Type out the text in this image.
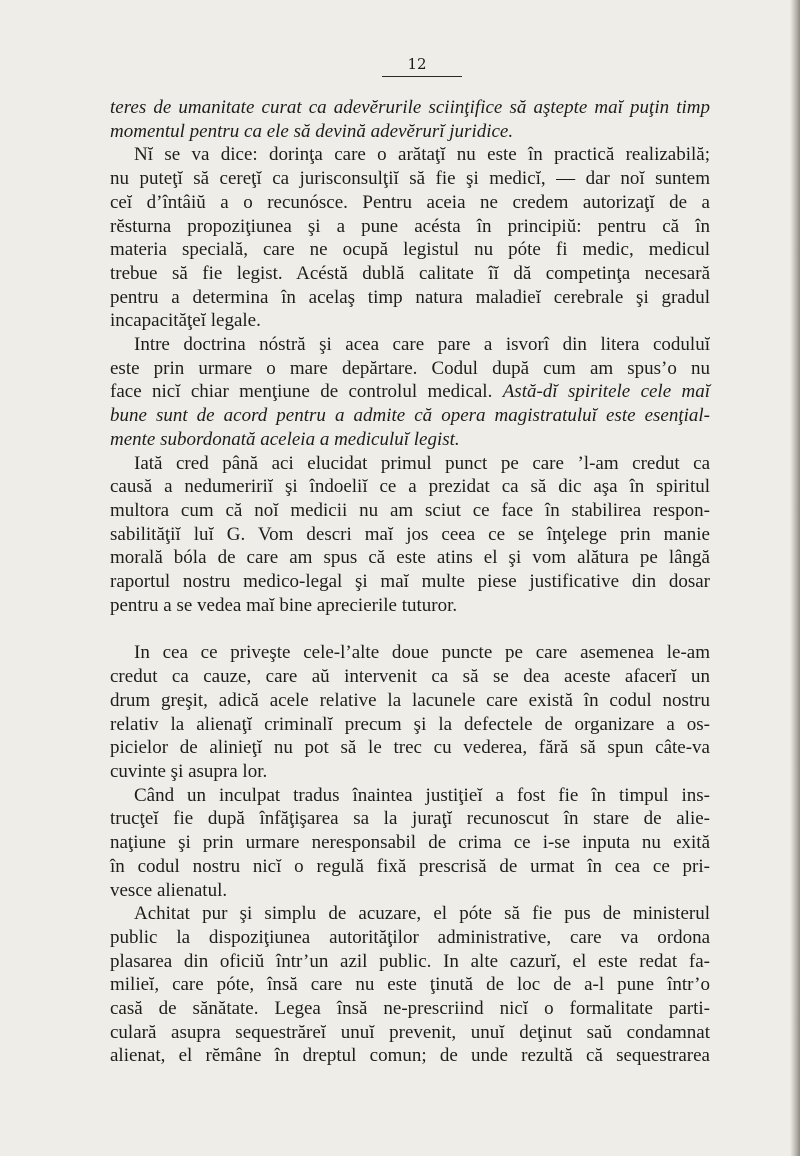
12
teres de umanitate curat ca adevĕrurile sciinţifice să aştepte maĭ puţin timp
momentul pentru ca ele să devină adevĕrurĭ juridice.
Nĭ se va dice: dorinţa care o arătaţĭ nu este în practică realizabilă;
nu puteţĭ să cereţĭ ca jurisconsulţiĭ să fie şi medicĭ, — dar noĭ suntem
ceĭ d’întâiŭ a o recunósce. Pentru aceia ne credem autorizaţĭ de a
rĕsturna propoziţiunea şi a pune acésta în principiŭ: pentru că în
materia specială, care ne ocupă legistul nu póte fi medic, medicul
trebue să fie legist. Acéstă dublă calitate îĭ dă competinţa necesară
pentru a determina în acelaş timp natura maladieĭ cerebrale şi gradul
incapacităţeĭ legale.
Intre doctrina nóstră şi acea care pare a isvorî din litera coduluĭ
este prin urmare o mare depărtare. Codul după cum am spus’o nu
face nicĭ chiar menţiune de controlul medical. Astă-dĭ spiritele cele maĭ
bune sunt de acord pentru a admite că opera magistratuluĭ este esenţial-
mente subordonată aceleia a mediculuĭ legist.
Iată cred până aci elucidat primul punct pe care ’l-am credut ca
causă a nedumeririĭ şi îndoeliĭ ce a prezidat ca să dic aşa în spiritul
multora cum că noĭ medicii nu am sciut ce face în stabilirea respon-
sabilităţiĭ luĭ G. Vom descri maĭ jos ceea ce se înţelege prin manie
morală bóla de care am spus că este atins el şi vom alătura pe lângă
raportul nostru medico-legal şi maĭ multe piese justificative din dosar
pentru a se vedea maĭ bine aprecierile tuturor.
In cea ce priveşte cele-l’alte doue puncte pe care asemenea le-am
credut ca cauze, care aŭ intervenit ca să se dea aceste afacerĭ un
drum greşit, adică acele relative la lacunele care există în codul nostru
relativ la alienaţĭ criminalĭ precum şi la defectele de organizare a os-
picielor de alinieţĭ nu pot să le trec cu vederea, fără să spun câte-va
cuvinte şi asupra lor.
Când un inculpat tradus înaintea justiţieĭ a fost fie în timpul ins-
trucţeĭ fie după înfăţişarea sa la juraţĭ recunoscut în stare de alie-
naţiune şi prin urmare neresponsabil de crima ce i-se inputa nu exită
în codul nostru nicĭ o regulă fixă prescrisă de urmat în cea ce pri-
vesce alienatul.
Achitat pur şi simplu de acuzare, el póte să fie pus de ministerul
public la dispoziţiunea autorităţilor administrative, care va ordona
plasarea din oficiŭ într’un azil public. In alte cazurĭ, el este redat fa-
milieĭ, care póte, însă care nu este ţinută de loc de a-l pune într’o
casă de sănătate. Legea însă ne-prescriind nicĭ o formalitate parti-
culară asupra sequestrăreĭ unuĭ prevenit, unuĭ deţinut saŭ condamnat
alienat, el rĕmâne în dreptul comun; de unde rezultă că sequestrarea
